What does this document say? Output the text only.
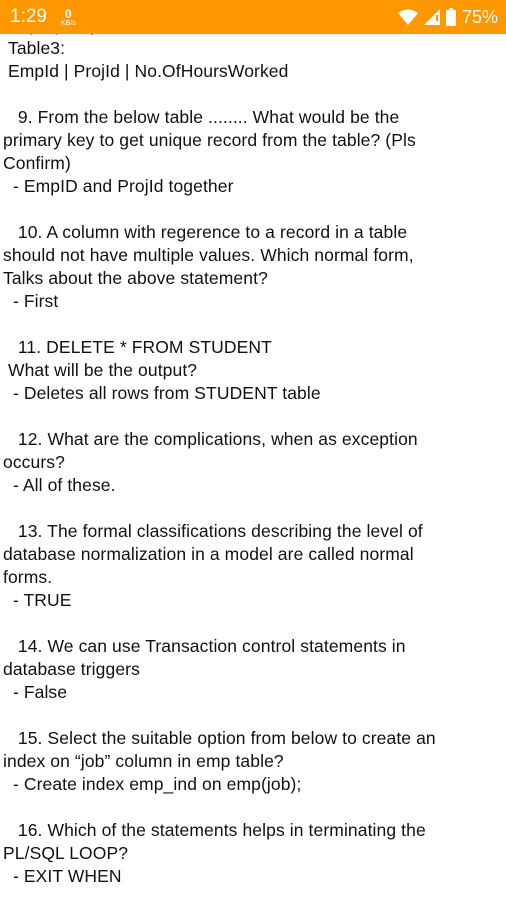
1:29 0
KB/s	75%
Table3:
EmpId | ProjId | No.OfHoursWorked
9. From the below table ........ What would be the
primary key to get unique record from the table? (Pls
Confirm)
- EmpID and ProjId together
10. A column with regerence to a record in a table
should not have multiple values. Which normal form,
Talks about the above statement?
- First
11. DELETE * FROM STUDENT
What will be the output?
- Deletes all rows from STUDENT table
12. What are the complications, when as exception
occurs?
- All of these.
13. The formal classifications describing the level of
database normalization in a model are called normal
forms.
- TRUE
14. We can use Transaction control statements in
database triggers
- False
15. Select the suitable option from below to create an
index on “job” column in emp table?
- Create index emp_ind on emp(job);
16. Which of the statements helps in terminating the
PL/SQL LOOP?
- EXIT WHEN
